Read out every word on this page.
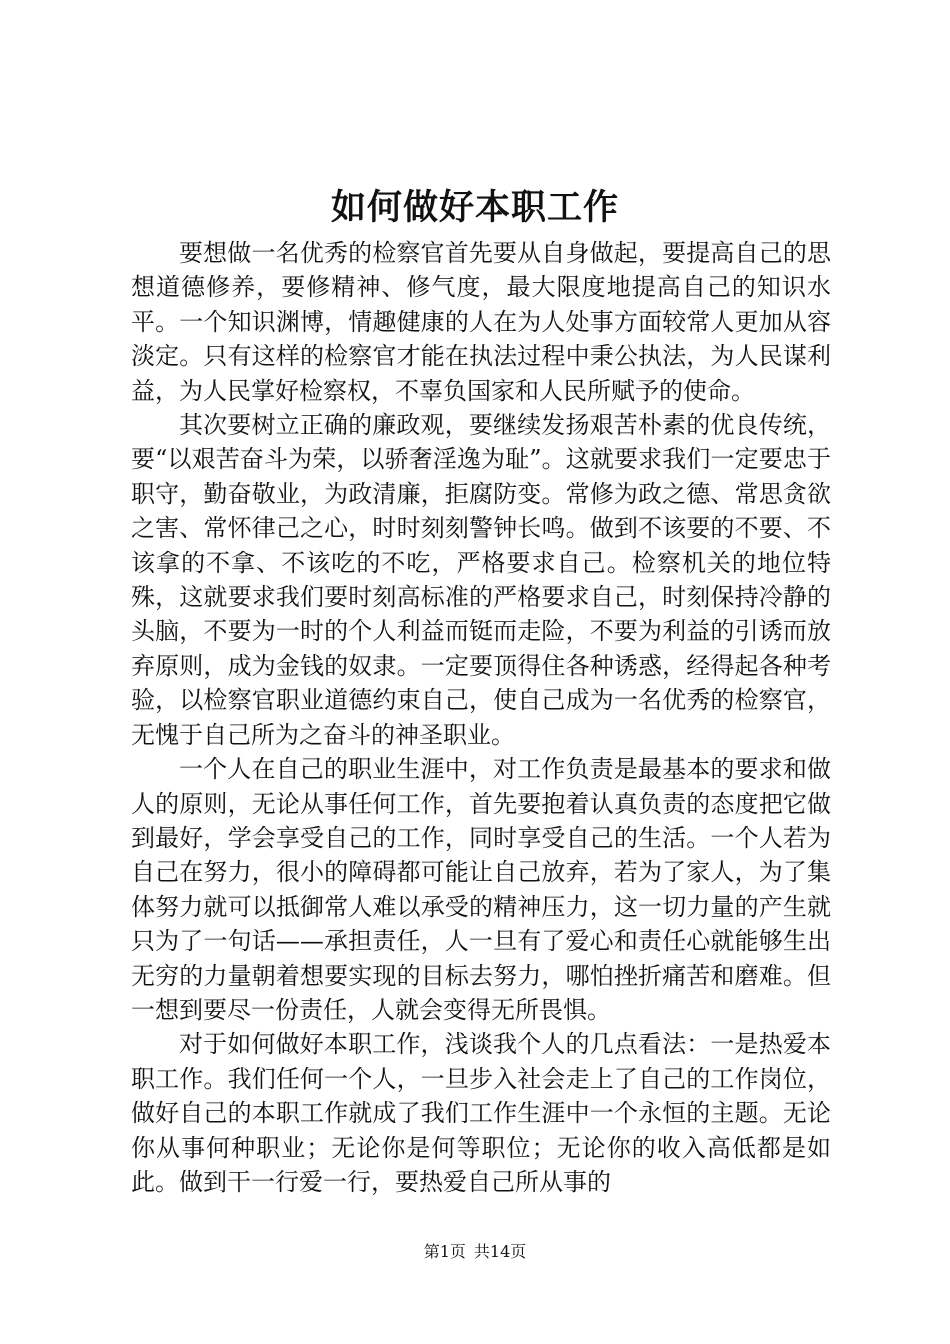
如何做好本职工作

要想做一名优秀的检察官首先要从自身做起，要提高自己的思想道德修养，要修精神、修气度，最大限度地提高自己的知识水平。一个知识渊博，情趣健康的人在为人处事方面较常人更加从容淡定。只有这样的检察官才能在执法过程中秉公执法，为人民谋利益，为人民掌好检察权，不辜负国家和人民所赋予的使命。

其次要树立正确的廉政观，要继续发扬艰苦朴素的优良传统，要“以艰苦奋斗为荣，以骄奢淫逸为耻”。这就要求我们一定要忠于职守，勤奋敬业，为政清廉，拒腐防变。常修为政之德、常思贪欲之害、常怀律己之心，时时刻刻警钟长鸣。做到不该要的不要、不该拿的不拿、不该吃的不吃，严格要求自己。检察机关的地位特殊，这就要求我们要时刻高标准的严格要求自己，时刻保持冷静的头脑，不要为一时的个人利益而铤而走险，不要为利益的引诱而放弃原则，成为金钱的奴隶。一定要顶得住各种诱惑，经得起各种考验，以检察官职业道德约束自己，使自己成为一名优秀的检察官，无愧于自己所为之奋斗的神圣职业。

一个人在自己的职业生涯中，对工作负责是最基本的要求和做人的原则，无论从事任何工作，首先要抱着认真负责的态度把它做到最好，学会享受自己的工作，同时享受自己的生活。一个人若为自己在努力，很小的障碍都可能让自己放弃，若为了家人，为了集体努力就可以抵御常人难以承受的精神压力，这一切力量的产生就只为了一句话——承担责任，人一旦有了爱心和责任心就能够生出无穷的力量朝着想要实现的目标去努力，哪怕挫折痛苦和磨难。但一想到要尽一份责任，人就会变得无所畏惧。

对于如何做好本职工作，浅谈我个人的几点看法：一是热爱本职工作。我们任何一个人，一旦步入社会走上了自己的工作岗位，做好自己的本职工作就成了我们工作生涯中一个永恒的主题。无论你从事何种职业；无论你是何等职位；无论你的收入高低都是如此。做到干一行爱一行，要热爱自己所从事的

第1页 共14页
